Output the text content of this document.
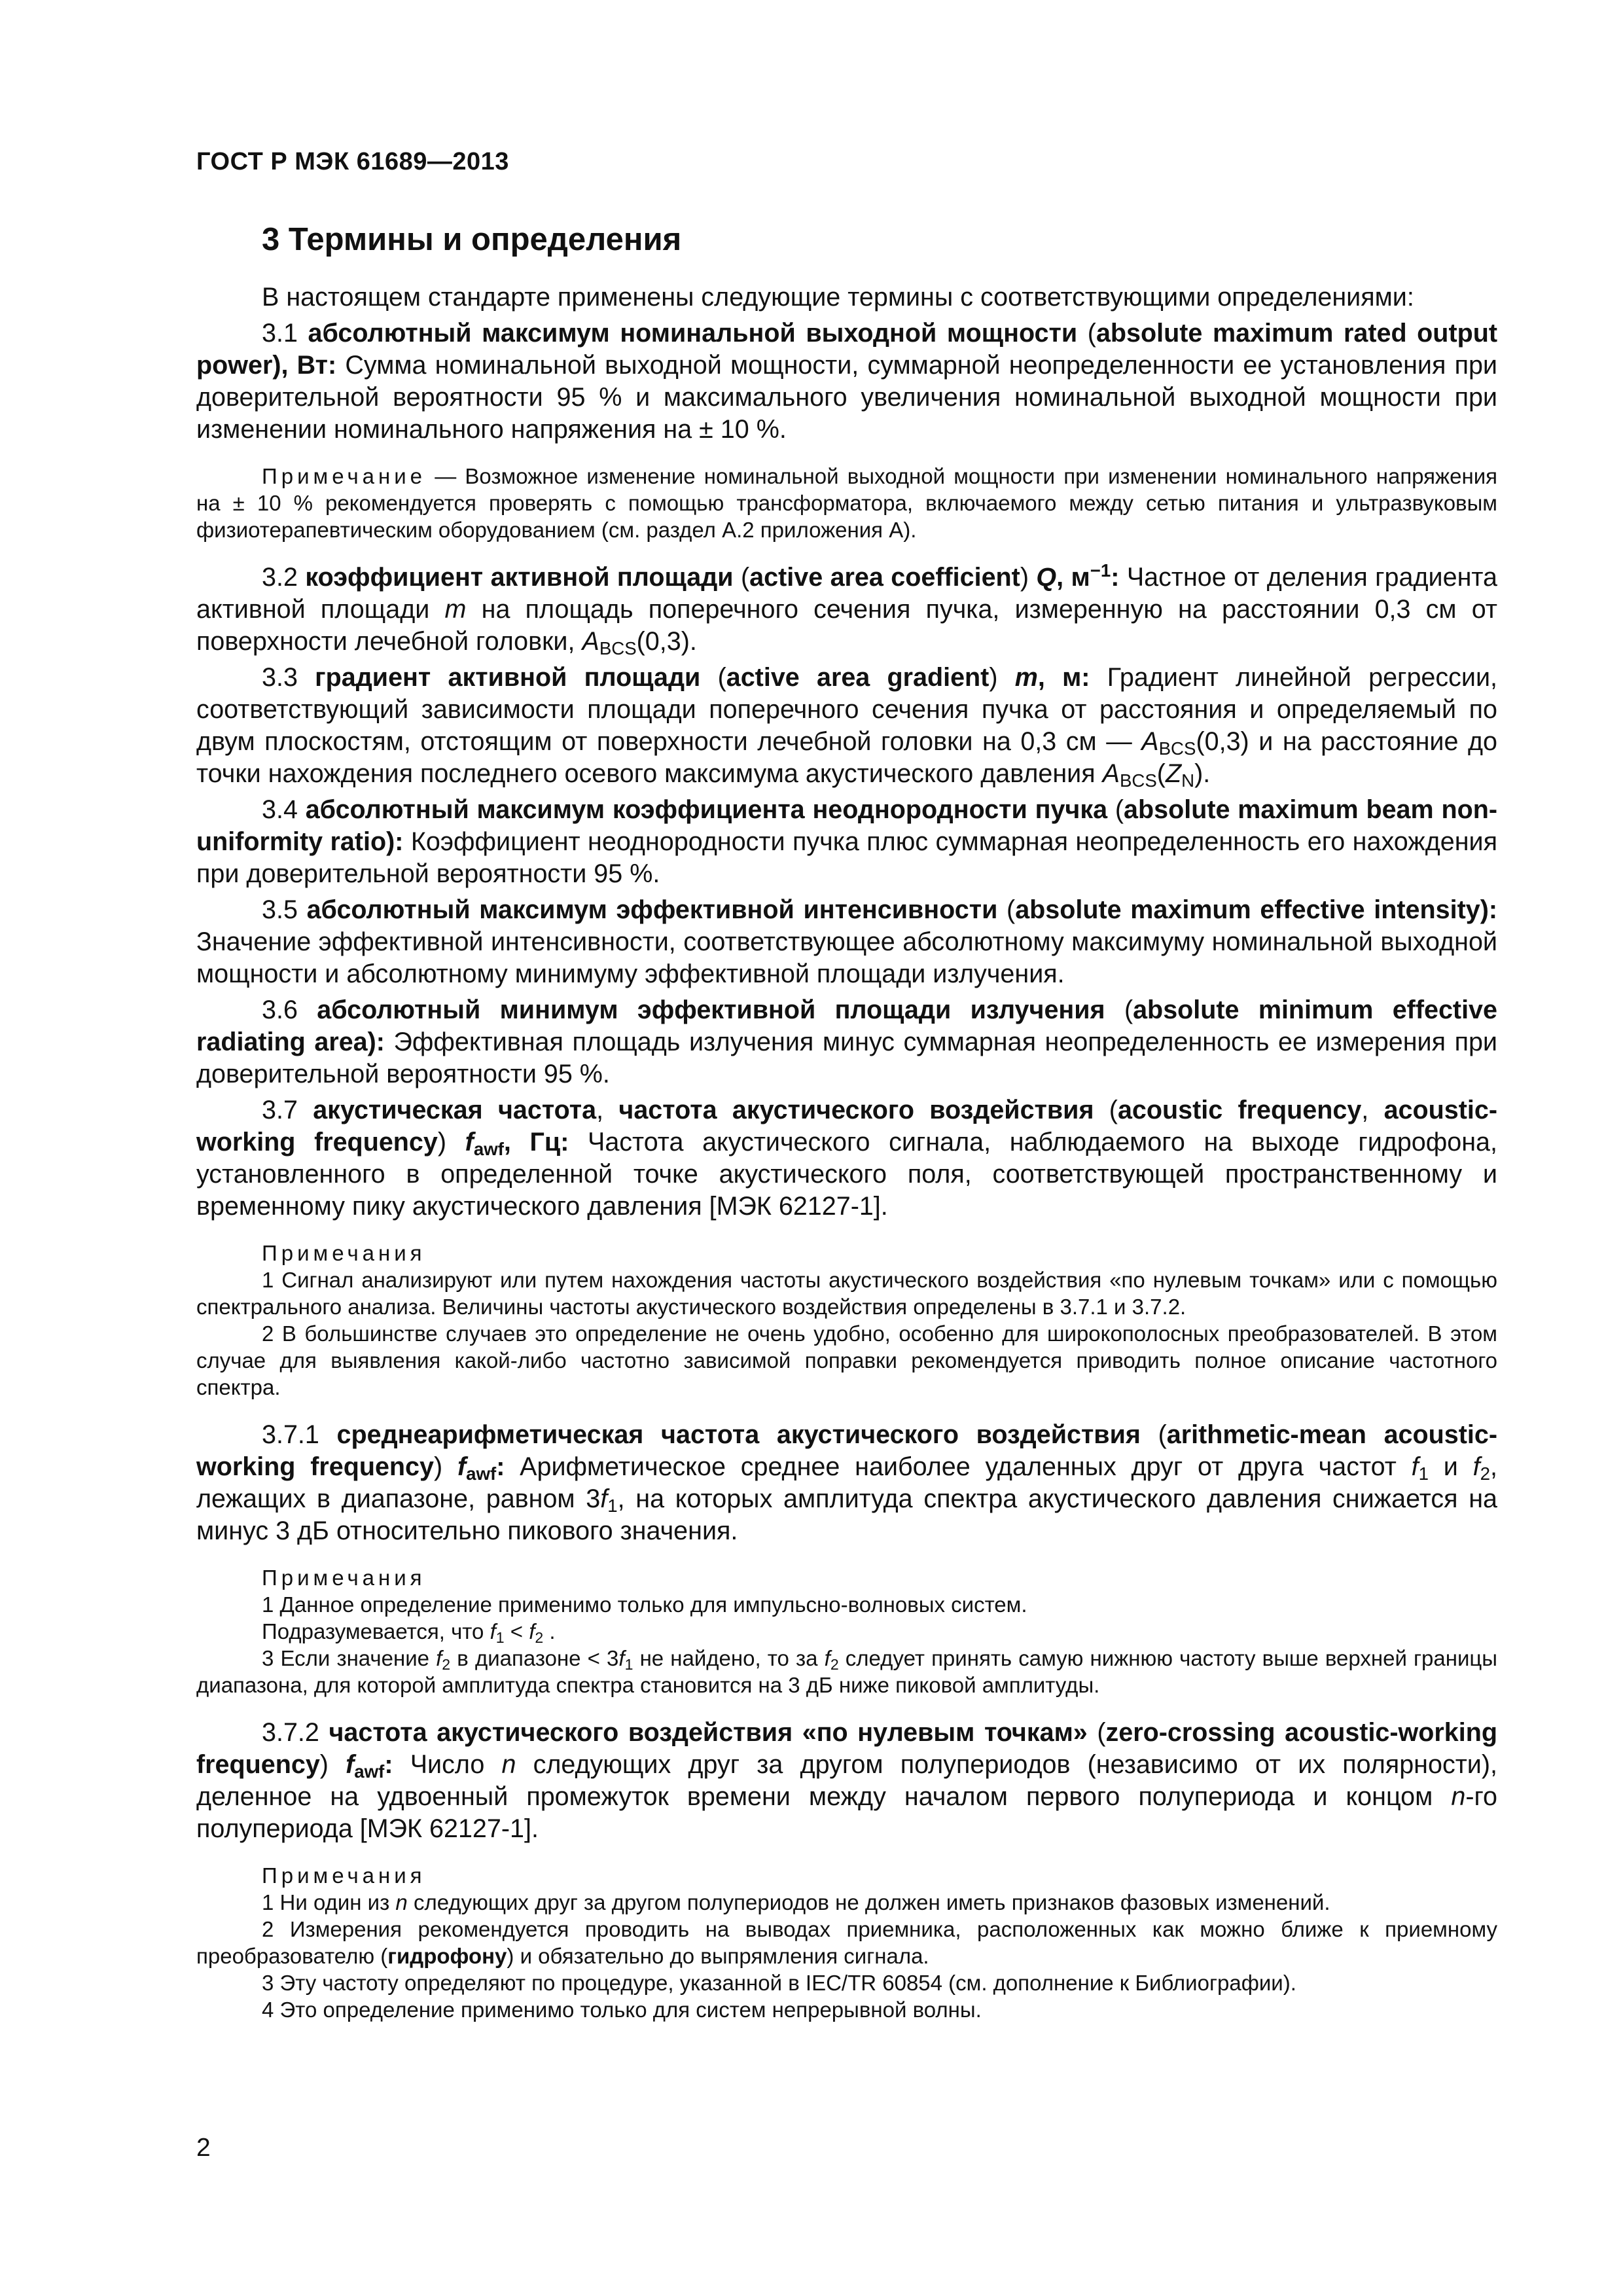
ГОСТ Р МЭК 61689—2013
3 Термины и определения

В настоящем стандарте применены следующие термины с соответствующими определениями:

3.1 абсолютный максимум номинальной выходной мощности (absolute maximum rated output power), Вт: Сумма номинальной выходной мощности, суммарной неопределенности ее установления при доверительной вероятности 95 % и максимального увеличения номинальной выходной мощности при изменении номинального напряжения на ± 10 %.

Примечание — Возможное изменение номинальной выходной мощности при изменении номинального напряжения на ± 10 % рекомендуется проверять с помощью трансформатора, включаемого между сетью питания и ультразвуковым физиотерапевтическим оборудованием (см. раздел А.2 приложения А).

3.2 коэффициент активной площади (active area coefficient) Q, $м^{-1}$: Частное от деления градиента активной площади m на площадь поперечного сечения пучка, измеренную на расстоянии 0,3 см от поверхности лечебной головки, $A_{BCS}(0,3)$.

3.3 градиент активной площади (active area gradient) m, м: Градиент линейной регрессии, соответствующий зависимости площади поперечного сечения пучка от расстояния и определяемый по двум плоскостям, отстоящим от поверхности лечебной головки на 0,3 см — $A_{BCS}(0,3)$ и на расстояние до точки нахождения последнего осевого максимума акустического давления $A_{BCS}(Z_N)$.

3.4 абсолютный максимум коэффициента неоднородности пучка (absolute maximum beam non-uniformity ratio): Коэффициент неоднородности пучка плюс суммарная неопределенность его нахождения при доверительной вероятности 95 %.

3.5 абсолютный максимум эффективной интенсивности (absolute maximum effective intensity): Значение эффективной интенсивности, соответствующее абсолютному максимуму номинальной выходной мощности и абсолютному минимуму эффективной площади излучения.

3.6 абсолютный минимум эффективной площади излучения (absolute minimum effective radiating area): Эффективная площадь излучения минус суммарная неопределенность ее измерения при доверительной вероятности 95 %.

3.7 акустическая частота, частота акустического воздействия (acoustic frequency, acoustic-working frequency) $f_{awf}$, Гц: Частота акустического сигнала, наблюдаемого на выходе гидрофона, установленного в определенной точке акустического поля, соответствующей пространственному и временному пику акустического давления [МЭК 62127-1].

Примечания

1 Сигнал анализируют или путем нахождения частоты акустического воздействия «по нулевым точкам» или с помощью спектрального анализа. Величины частоты акустического воздействия определены в 3.7.1 и 3.7.2.

2 В большинстве случаев это определение не очень удобно, особенно для широкополосных преобразователей. В этом случае для выявления какой-либо частотно зависимой поправки рекомендуется приводить полное описание частотного спектра.

3.7.1 среднеарифметическая частота акустического воздействия (arithmetic-mean acoustic-working frequency) $f_{awf}$: Арифметическое среднее наиболее удаленных друг от друга частот $f_1$ и $f_2$, лежащих в диапазоне, равном $3f_1$, на которых амплитуда спектра акустического давления снижается на минус 3 дБ относительно пикового значения.

Примечания

1 Данное определение применимо только для импульсно-волновых систем.

Подразумевается, что $f_1 < f_2$ .

3 Если значение $f_2$ в диапазоне < $3f_1$ не найдено, то за $f_2$ следует принять самую нижнюю частоту выше верхней границы диапазона, для которой амплитуда спектра становится на 3 дБ ниже пиковой амплитуды.

3.7.2 частота акустического воздействия «по нулевым точкам» (zero-crossing acoustic-working frequency) $f_{awf}$: Число n следующих друг за другом полупериодов (независимо от их полярности), деленное на удвоенный промежуток времени между началом первого полупериода и концом n-го полупериода [МЭК 62127-1].

Примечания

1 Ни один из n следующих друг за другом полупериодов не должен иметь признаков фазовых изменений.

2 Измерения рекомендуется проводить на выводах приемника, расположенных как можно ближе к приемному преобразователю (гидрофону) и обязательно до выпрямления сигнала.

3 Эту частоту определяют по процедуре, указанной в IEC/TR 60854 (см. дополнение к Библиографии).

4 Это определение применимо только для систем непрерывной волны.

2
